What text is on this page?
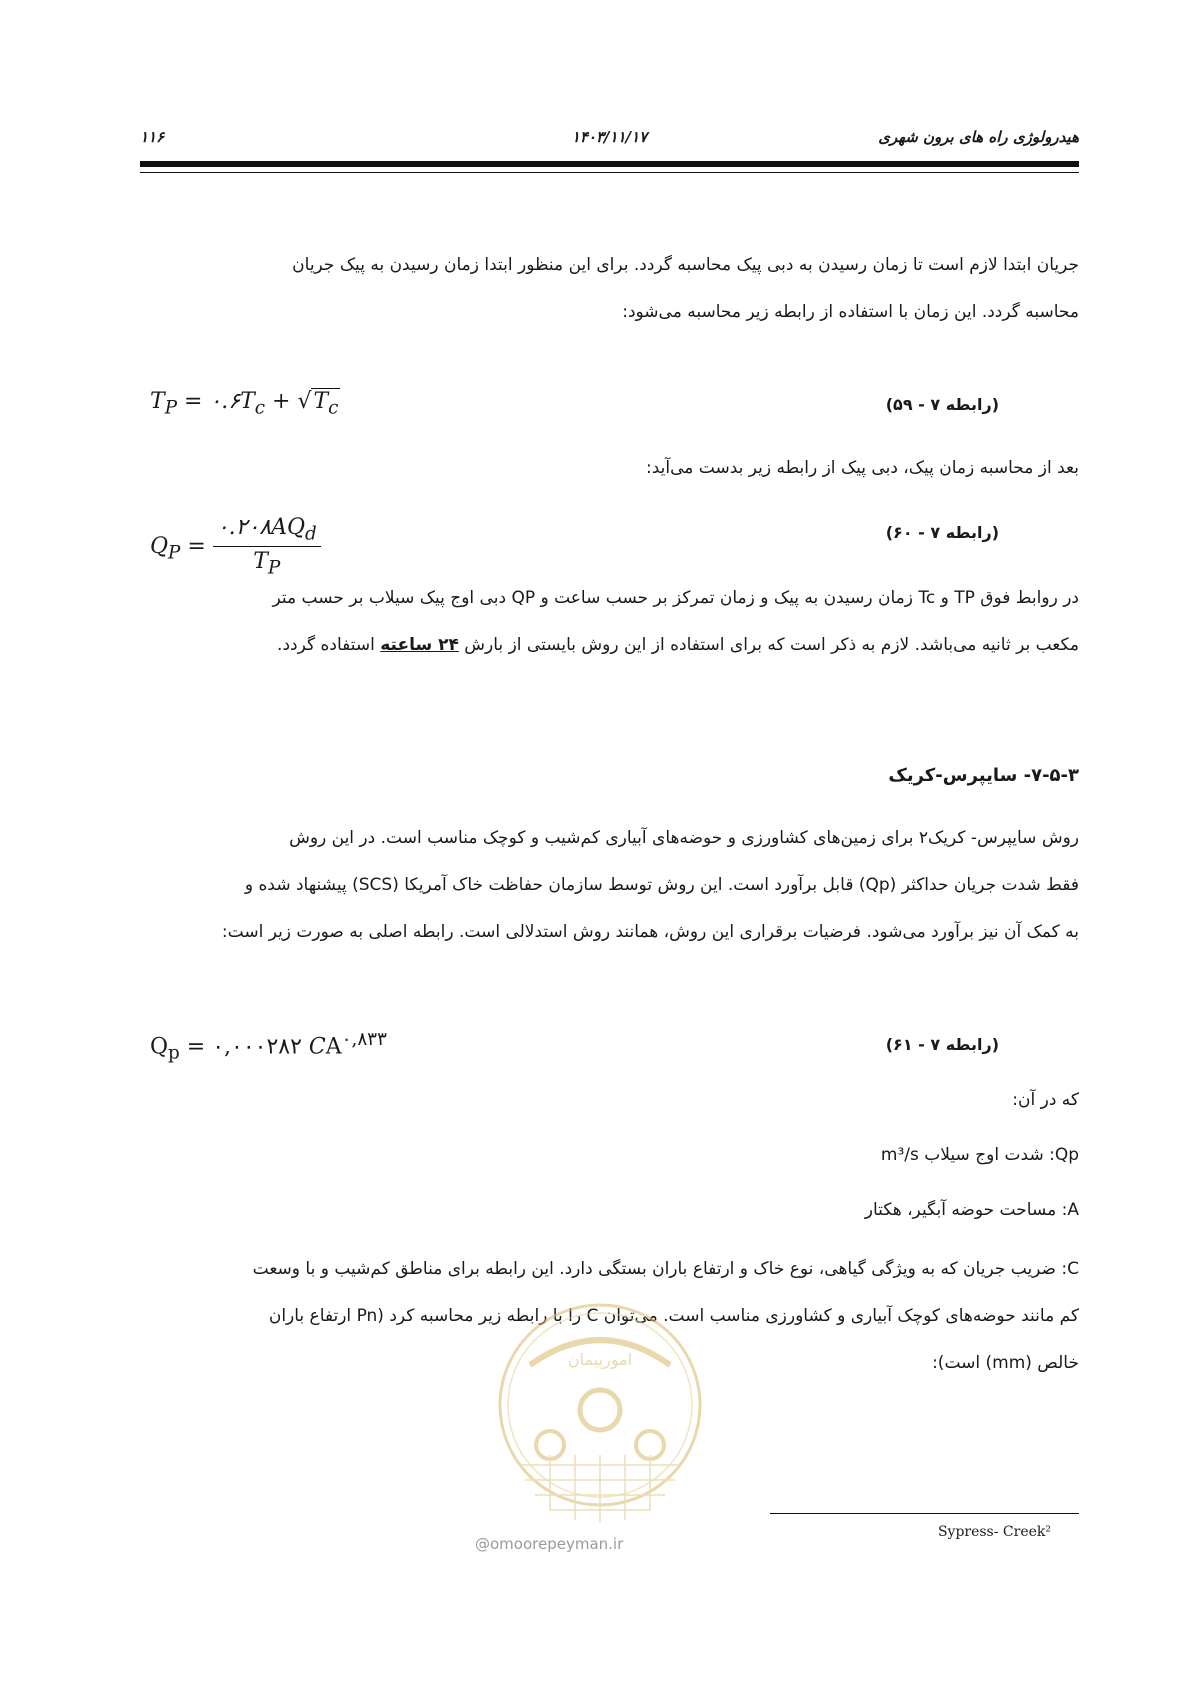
هیدرولوژی راه های برون شهری
۱۴۰۳/۱۱/۱۷
۱۱۶
جریان ابتدا لازم است تا زمان رسیدن به دبی پیک محاسبه گردد. برای این منظور ابتدا زمان رسیدن به پیک جریان
محاسبه گردد. این زمان با استفاده از رابطه زیر محاسبه می‌شود:
$T_P$ = $۰.۶T_c + √T_c$	(رابطه ۷ - ۵۹)
بعد از محاسبه زمان پیک، دبی پیک از رابطه زیر بدست می‌آید:
$Q_P = \frac{۰.۲۰۸AQ_d}{T_P}$	(رابطه ۷ - ۶۰)
در روابط فوق TP و Tc زمان رسیدن به پیک و زمان تمرکز بر حسب ساعت و QP دبی اوج پیک سیلاب بر حسب متر
مکعب بر ثانیه می‌باشد. لازم به ذکر است که برای استفاده از این روش بایستی از بارش ۲۴ ساعته استفاده گردد.
۷-۵-۳- سایپرس-کریک
روش سایپرس- کریک۲ برای زمین‌های کشاورزی و حوضه‌های آبیاری کم‌شیب و کوچک مناسب است. در این روش
فقط شدت جریان حداکثر (Qp) قابل برآورد است. این روش توسط سازمان حفاظت خاک آمریکا (SCS) پیشنهاد شده و
به کمک آن نیز برآورد می‌شود. فرضیات برقراری این روش، همانند روش استدلالی است. رابطه اصلی به صورت زیر است:
$Q_p$ = ۰,۰۰۰۲۸۲ CA$^{۰,۸۳۳}$	(رابطه ۷ - ۶۱)
که در آن:
Qp: شدت اوج سیلاب m³/s
A: مساحت حوضه آبگیر، هکتار
C: ضریب جریان که به ویژگی گیاهی، نوع خاک و ارتفاع باران بستگی دارد. این رابطه برای مناطق کم‌شیب و با وسعت
کم مانند حوضه‌های کوچک آبیاری و کشاورزی مناسب است. می‌توان C را با رابطه زیر محاسبه کرد (Pn ارتفاع باران
خالص (mm) است):
امورپیمان
@omoorepeyman.ir
Sypress- Creek²
